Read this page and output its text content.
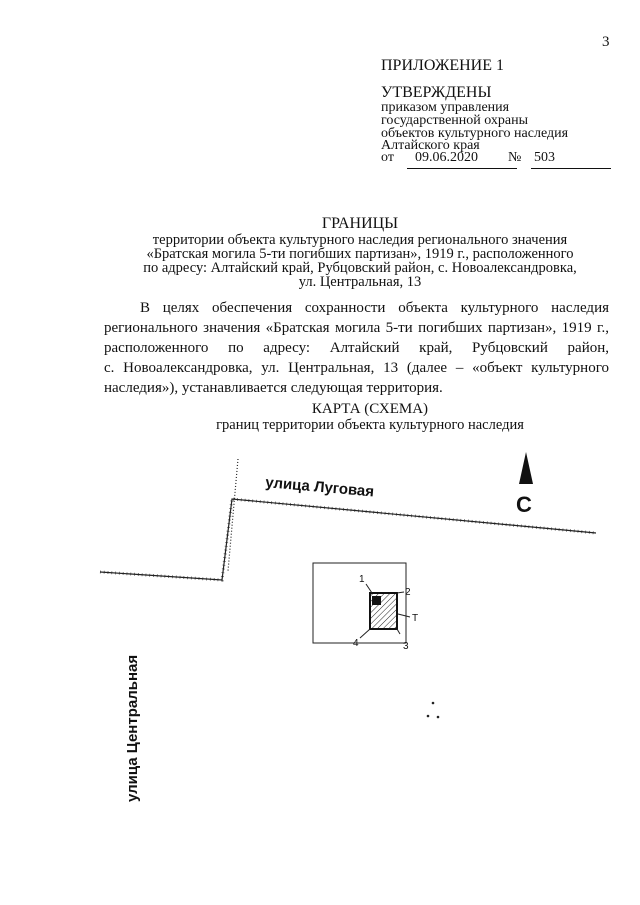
3
ПРИЛОЖЕНИЕ 1
УТВЕРЖДЕНЫ
приказом управления
государственной охраны
объектов культурного наследия
Алтайского края
от 09.06.2020 № 503
ГРАНИЦЫ
территории объекта культурного наследия регионального значения
«Братская могила 5-ти погибших партизан», 1919 г., расположенного
по адресу: Алтайский край, Рубцовский район, с. Новоалександровка,
ул. Центральная, 13
В целях обеспечения сохранности объекта культурного наследия
регионального значения «Братская могила 5-ти погибших партизан», 1919 г.,
расположенного по адресу: Алтайский край, Рубцовский район,
с. Новоалександровка, ул. Центральная, 13 (далее – «объект культурного
наследия»), устанавливается следующая территория.
КАРТА (СХЕМА)
границ территории объекта культурного наследия
улица Луговая
улица Центральная
С
1
2
3
4
Т
